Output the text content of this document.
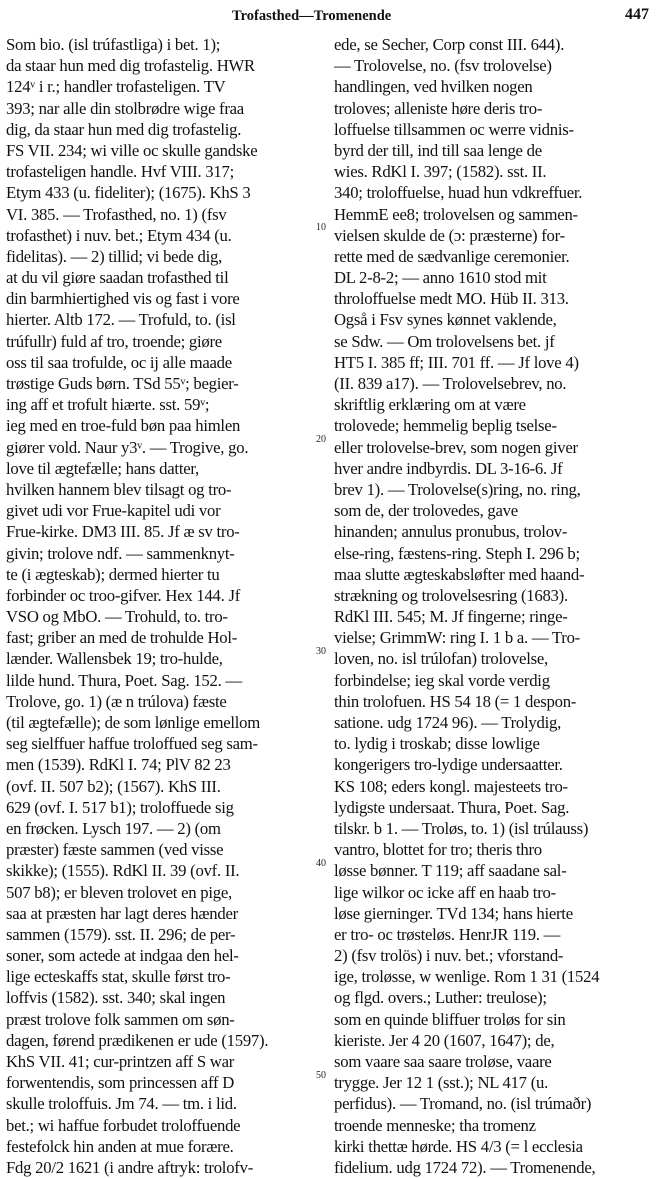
Trofasthed—Tromenende	447
Som bio. (isl trúfastliga) i bet. 1);
da staar hun med dig trofastelig. HWR
124ᵛ i r.; handler trofasteligen. TV
393; nar alle din stolbrødre wige fraa
dig, da staar hun med dig trofastelig.
FS VII. 234; wi ville oc skulle gandske
trofasteligen handle. Hvf VIII. 317;
Etym 433 (u. fideliter); (1675). KhS 3
VI. 385. — Trofasthed, no. 1) (fsv
trofasthet) i nuv. bet.; Etym 434 (u.
fidelitas). — 2) tillid; vi bede dig,
at du vil giøre saadan trofasthed til
din barmhiertighed vis og fast i vore
hierter. Altb 172. — Trofuld, to. (isl
trúfullr) fuld af tro, troende; giøre
oss til saa trofulde, oc ij alle maade
trøstige Guds børn. TSd 55ᵛ; begier-
ing aff et trofult hiærte. sst. 59ᵛ;
ieg med en troe-fuld bøn paa himlen
giører vold. Naur y3ᵛ. — Trogive, go.
love til ægtefælle; hans datter,
hvilken hannem blev tilsagt og tro-
givet udi vor Frue-kapitel udi vor
Frue-kirke. DM3 III. 85. Jf æ sv tro-
givin; trolove ndf. — sammenknyt-
te (i ægteskab); dermed hierter tu
forbinder oc troo-gifver. Hex 144. Jf
VSO og MbO. — Trohuld, to. tro-
fast; griber an med de trohulde Hol-
lænder. Wallensbek 19; tro-hulde,
lilde hund. Thura, Poet. Sag. 152. —
Trolove, go. 1) (æ n trúlova) fæste
(til ægtefælle); de som lønlige emellom
seg sielffuer haffue troloffued seg sam-
men (1539). RdKl I. 74; PlV 82 23
(ovf. II. 507 b2); (1567). KhS III.
629 (ovf. I. 517 b1); troloffuede sig
en frøcken. Lysch 197. — 2) (om
præster) fæste sammen (ved visse
skikke); (1555). RdKl II. 39 (ovf. II.
507 b8); er bleven trolovet en pige,
saa at præsten har lagt deres hænder
sammen (1579). sst. II. 296; de per-
soner, som actede at indgaa den hel-
lige ecteskaffs stat, skulle først tro-
loffvis (1582). sst. 340; skal ingen
præst trolove folk sammen om søn-
dagen, førend prædikenen er ude (1597).
KhS VII. 41; cur-printzen aff S war
forwentendis, som princessen aff D
skulle troloffuis. Jm 74. — tm. i lid.
bet.; wi haffue forbudet troloffuende
festefolck hin anden at mue forære.
Fdg 20/2 1621 (i andre aftryk: trolofv-
ede, se Secher, Corp const III. 644).
— Trolovelse, no. (fsv trolovelse)
handlingen, ved hvilken nogen
troloves; alleniste høre deris tro-
loffuelse tillsammen oc werre vidnis-
byrd der till, ind till saa lenge de
wies. RdKl I. 397; (1582). sst. II.
340; troloffuelse, huad hun vdkreffuer.
HemmE ee8; trolovelsen og sammen-
vielsen skulde de (ɔ: præsterne) for-
rette med de sædvanlige ceremonier.
DL 2-8-2; — anno 1610 stod mit
throloffuelse medt MO. Hüb II. 313.
Også i Fsv synes kønnet vaklende,
se Sdw. — Om trolovelsens bet. jf
HT5 I. 385 ff; III. 701 ff. — Jf love 4)
(II. 839 a17). — Trolovelsebrev, no.
skriftlig erklæring om at være
trolovede; hemmelig beplig tselse-
eller trolovelse-brev, som nogen giver
hver andre indbyrdis. DL 3-16-6. Jf
brev 1). — Trolovelse(s)ring, no. ring,
som de, der trolovedes, gave
hinanden; annulus pronubus, trolov-
else-ring, fæstens-ring. Steph I. 296 b;
maa slutte ægteskabsløfter med haand-
strækning og trolovelsesring (1683).
RdKl III. 545; M. Jf fingerne; ringe-
vielse; GrimmW: ring I. 1 b a. — Tro-
loven, no. isl trúlofan) trolovelse,
forbindelse; ieg skal vorde verdig
thin trolofuen. HS 54 18 (= 1 despon-
satione. udg 1724 96). — Trolydig,
to. lydig i troskab; disse lowlige
kongerigers tro-lydige undersaatter.
KS 108; eders kongl. majesteets tro-
lydigste undersaat. Thura, Poet. Sag.
tilskr. b 1. — Troløs, to. 1) (isl trúlauss)
vantro, blottet for tro; theris thro
løsse bønner. T 119; aff saadane sal-
lige wilkor oc icke aff en haab tro-
løse gierninger. TVd 134; hans hierte
er tro- oc trøsteløs. HenrJR 119. —
2) (fsv trolös) i nuv. bet.; vforstand-
ige, troløsse, w wenlige. Rom 1 31 (1524
og flgd. overs.; Luther: treulose);
som en quinde bliffuer troløs for sin
kieriste. Jer 4 20 (1607, 1647); de,
som vaare saa saare troløse, vaare
trygge. Jer 12 1 (sst.); NL 417 (u.
perfidus). — Tromand, no. (isl trúmaðr)
troende menneske; tha tromenz
kirki thettæ hørde. HS 4/3 (= l ecclesia
fidelium. udg 1724 72). — Tromenende,
10
20
30
40
50
